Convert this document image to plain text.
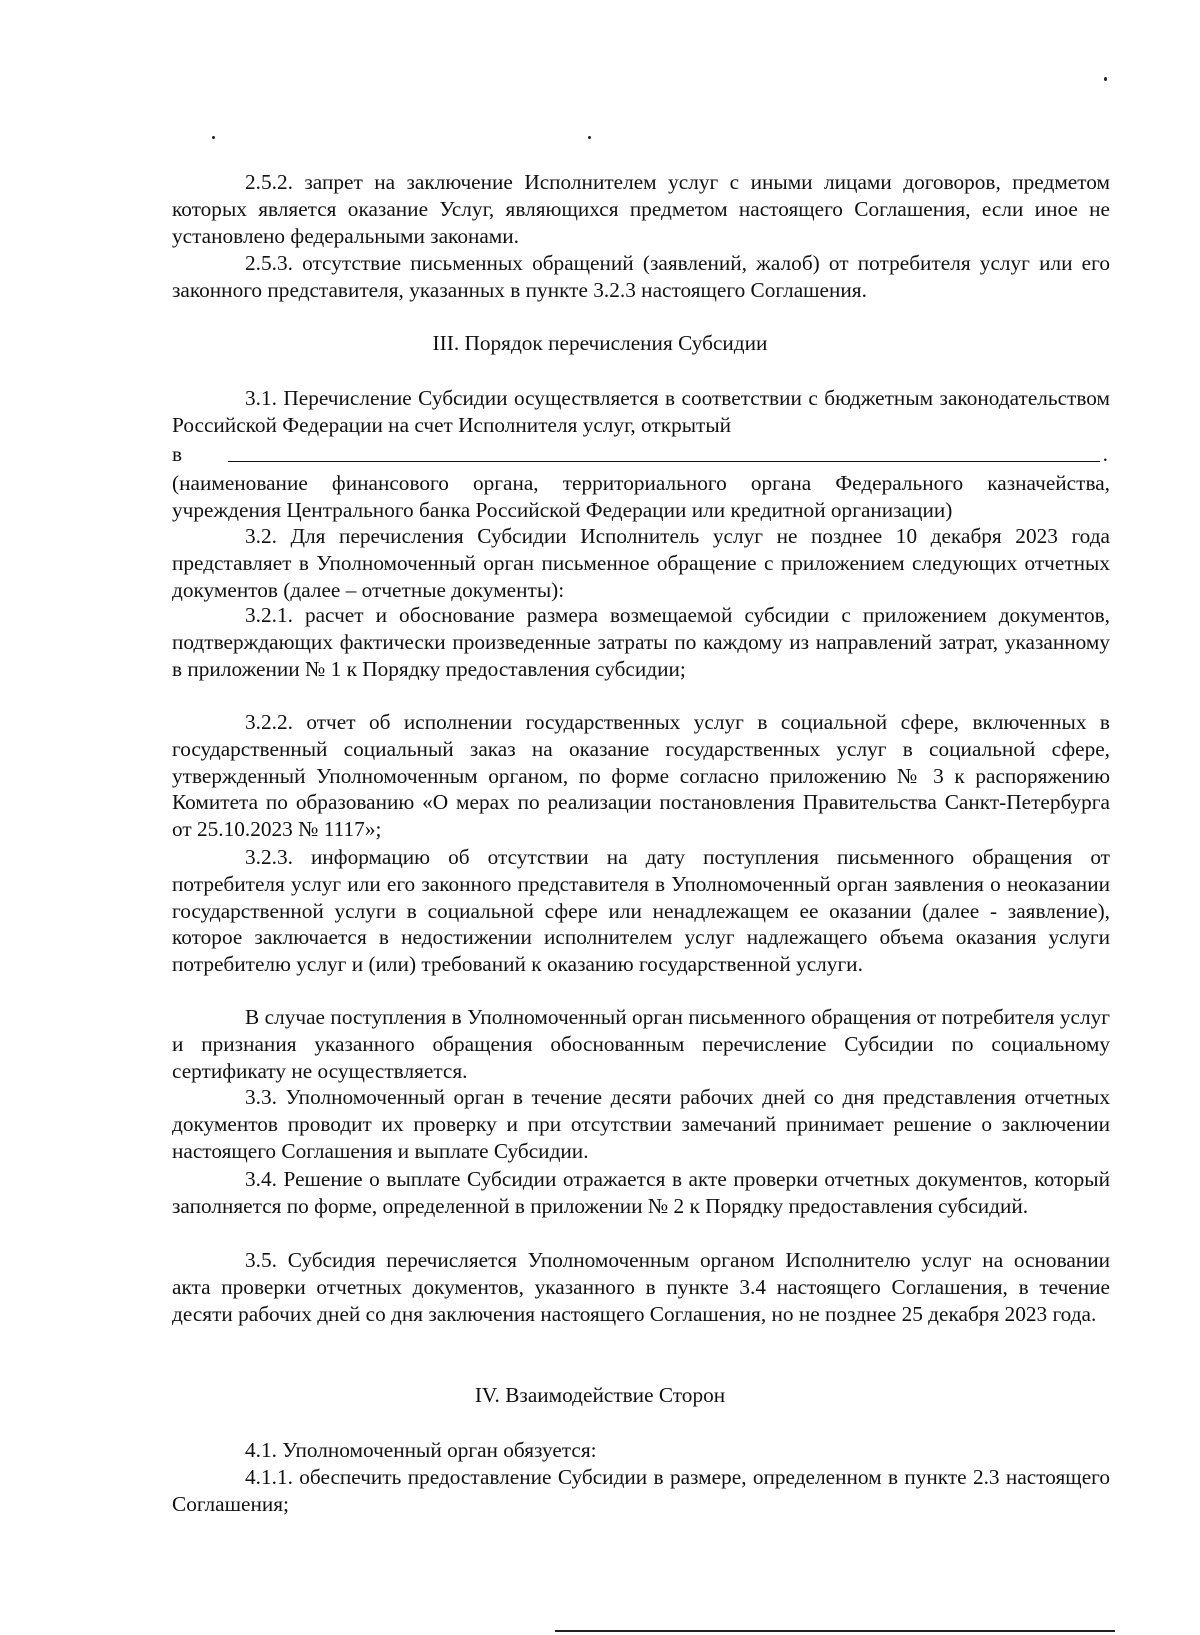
2.5.2. запрет на заключение Исполнителем услуг с иными лицами договоров, предметом которых является оказание Услуг, являющихся предметом настоящего Соглашения, если иное не установлено федеральными законами.

2.5.3. отсутствие письменных обращений (заявлений, жалоб) от потребителя услуг или его законного представителя, указанных в пункте 3.2.3 настоящего Соглашения.

III. Порядок перечисления Субсидии

3.1. Перечисление Субсидии осуществляется в соответствии с бюджетным законодательством Российской Федерации на счет Исполнителя услуг, открытый

в	.

(наименование финансового органа, территориального органа Федерального казначейства, учреждения Центрального банка Российской Федерации или кредитной организации)

3.2. Для перечисления Субсидии Исполнитель услуг не позднее 10 декабря 2023 года представляет в Уполномоченный орган письменное обращение с приложением следующих отчетных документов (далее – отчетные документы):

3.2.1. расчет и обоснование размера возмещаемой субсидии с приложением документов, подтверждающих фактически произведенные затраты по каждому из направлений затрат, указанному в приложении № 1 к Порядку предоставления субсидии;

3.2.2. отчет об исполнении государственных услуг в социальной сфере, включенных в государственный социальный заказ на оказание государственных услуг в социальной сфере, утвержденный Уполномоченным органом, по форме согласно приложению № 3 к распоряжению Комитета по образованию «О мерах по реализации постановления Правительства Санкт-Петербурга от 25.10.2023 № 1117»;

3.2.3. информацию об отсутствии на дату поступления письменного обращения от потребителя услуг или его законного представителя в Уполномоченный орган заявления о неоказании государственной услуги в социальной сфере или ненадлежащем ее оказании (далее - заявление), которое заключается в недостижении исполнителем услуг надлежащего объема оказания услуги потребителю услуг и (или) требований к оказанию государственной услуги.

В случае поступления в Уполномоченный орган письменного обращения от потребителя услуг и признания указанного обращения обоснованным перечисление Субсидии по социальному сертификату не осуществляется.

3.3. Уполномоченный орган в течение десяти рабочих дней со дня представления отчетных документов проводит их проверку и при отсутствии замечаний принимает решение о заключении настоящего Соглашения и выплате Субсидии.

3.4. Решение о выплате Субсидии отражается в акте проверки отчетных документов, который заполняется по форме, определенной в приложении № 2 к Порядку предоставления субсидий.

3.5. Субсидия перечисляется Уполномоченным органом Исполнителю услуг на основании акта проверки отчетных документов, указанного в пункте 3.4 настоящего Соглашения, в течение десяти рабочих дней со дня заключения настоящего Соглашения, но не позднее 25 декабря 2023 года.

IV. Взаимодействие Сторон

4.1. Уполномоченный орган обязуется:

4.1.1. обеспечить предоставление Субсидии в размере, определенном в пункте 2.3 настоящего Соглашения;
